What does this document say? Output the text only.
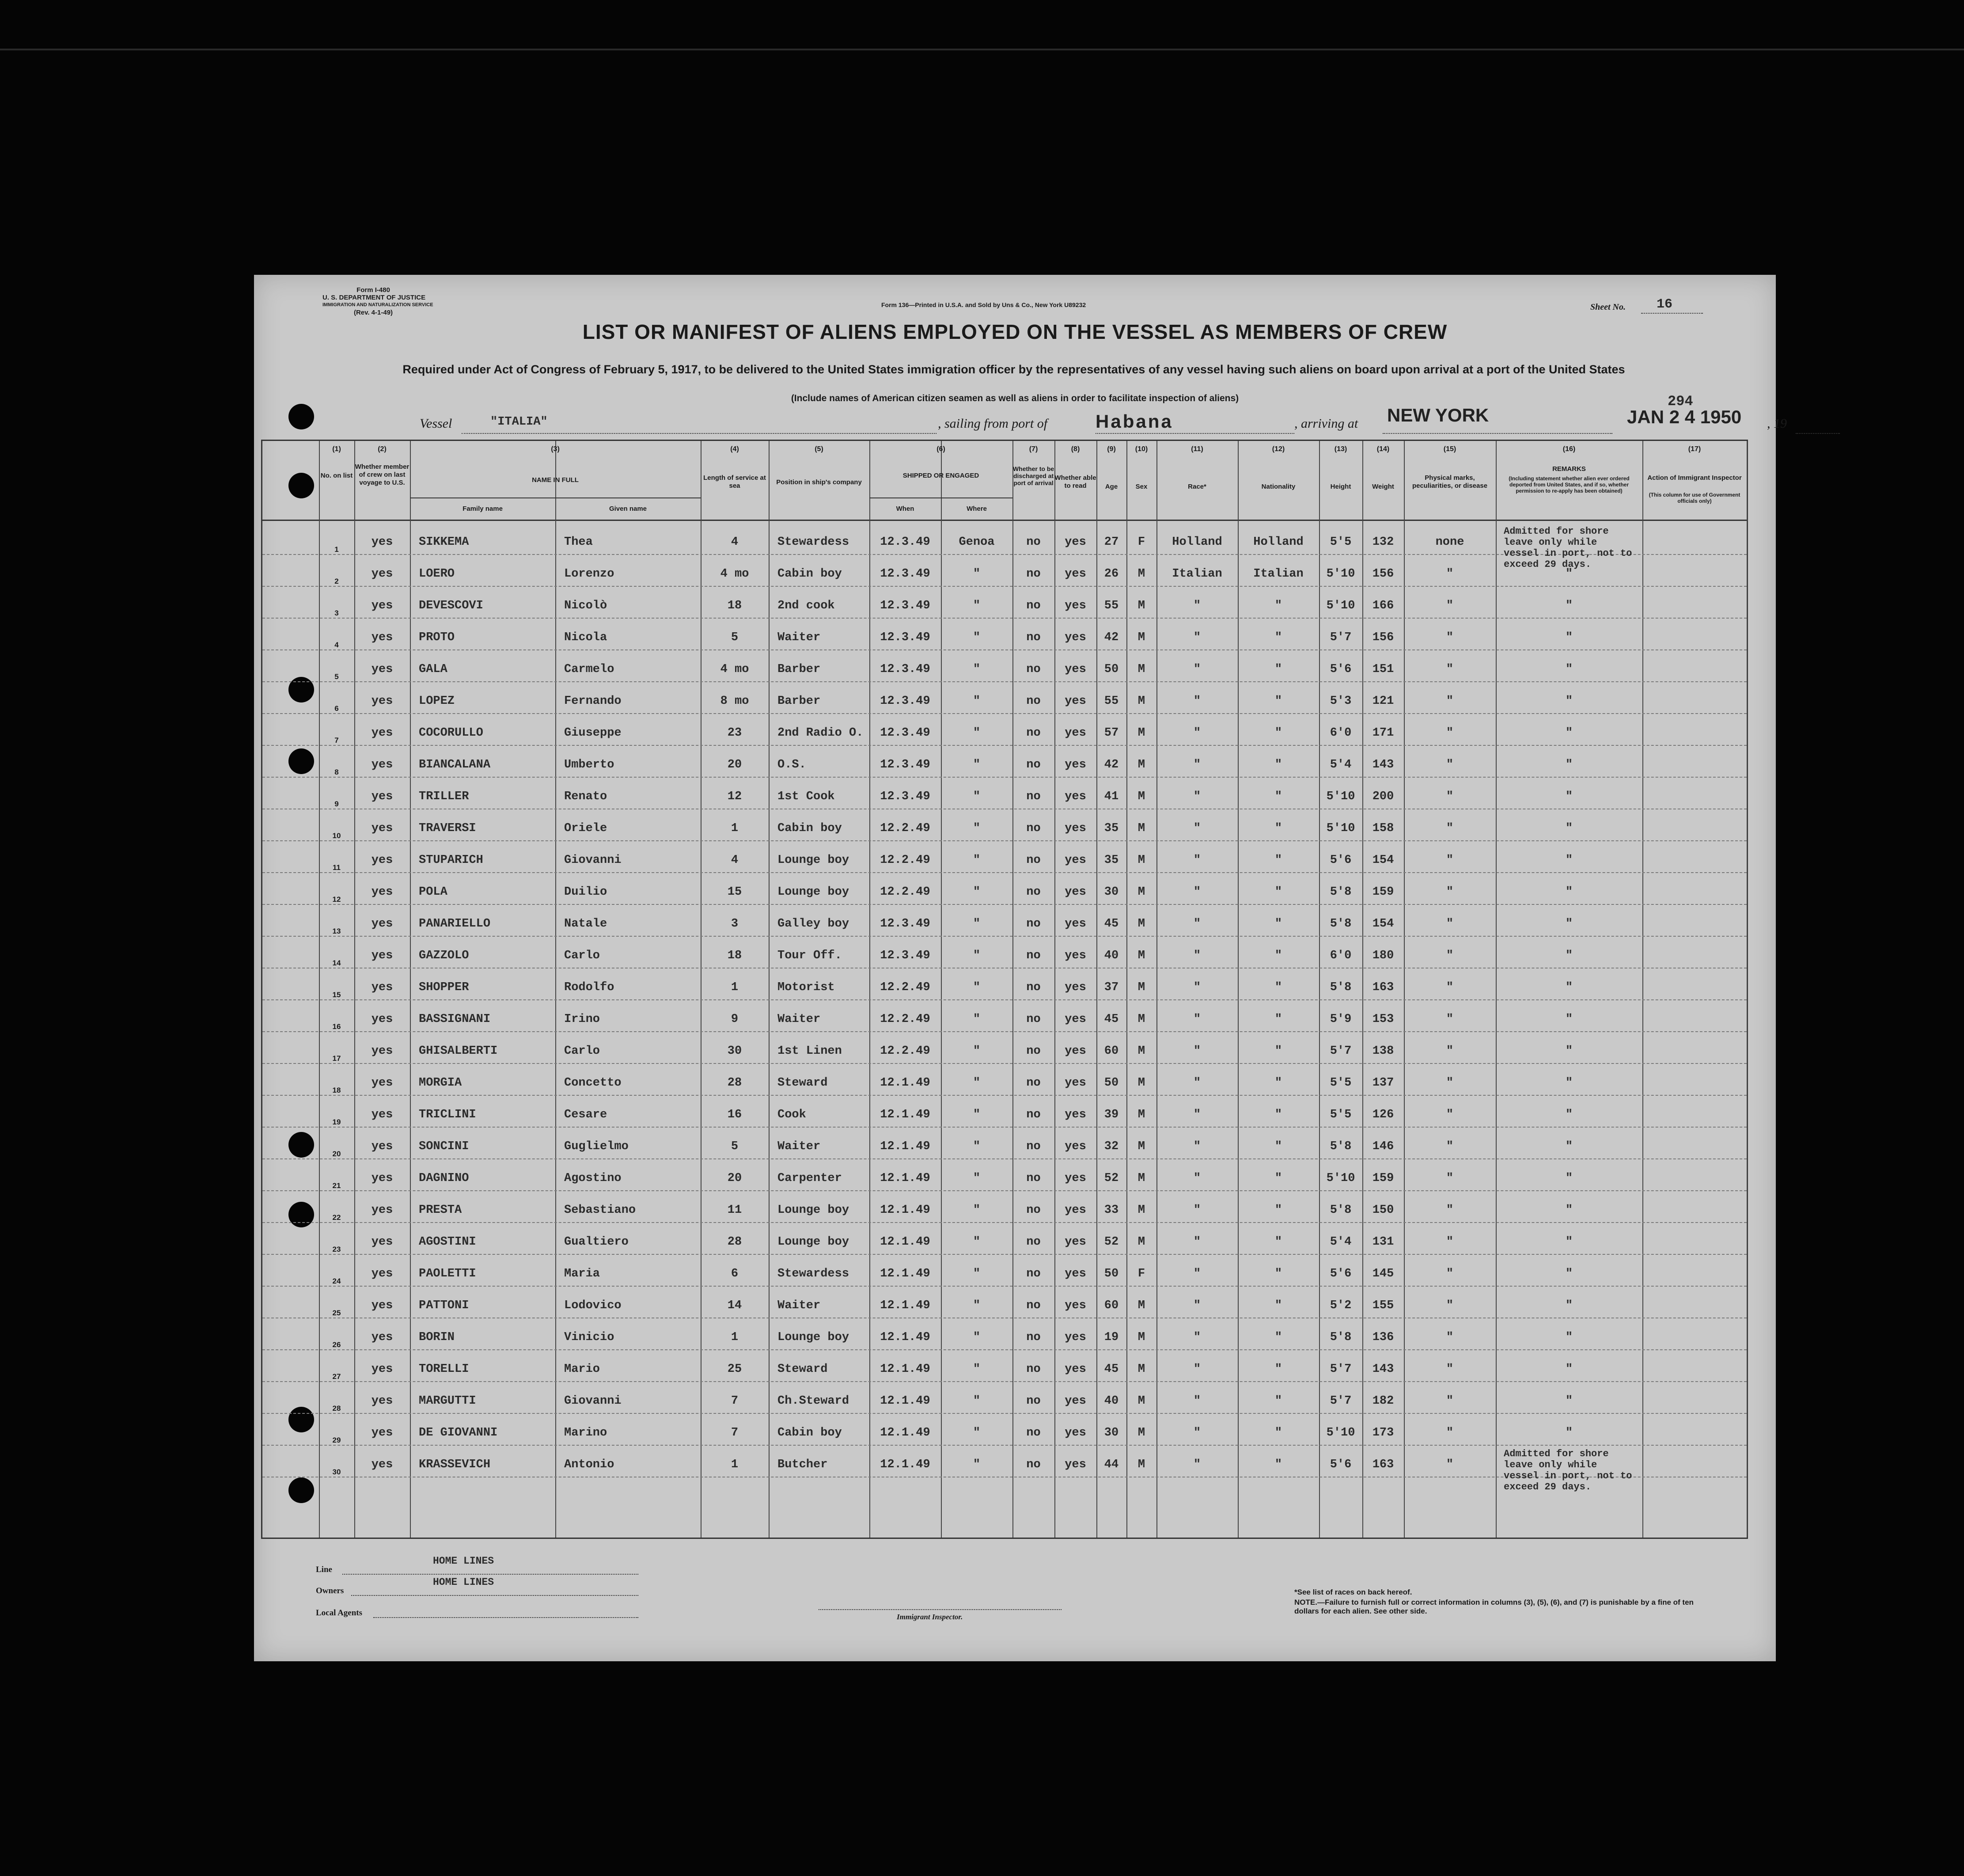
Form I-480
U. S. DEPARTMENT OF JUSTICE
IMMIGRATION AND NATURALIZATION SERVICE
(Rev. 4-1-49)
Form 136—Printed in U.S.A. and Sold by Uns & Co., New York U89232	Sheet No. 16
LIST OR MANIFEST OF ALIENS EMPLOYED ON THE VESSEL AS MEMBERS OF CREW
Required under Act of Congress of February 5, 1917, to be delivered to the United States immigration officer by the representatives of any vessel having such aliens on board upon arrival at a port of the United States
(Include names of American citizen seamen as well as aliens in order to facilitate inspection of aliens)
Vessel	"ITALIA"	, sailing from port of	Habana	, arriving at NEW YORK	JAN 2 4 1950 , 19
294
(1)
No. on list
(2)
Whether member of crew on last voyage to U.S.
(3)
NAME IN FULL
Family name	Given name
(4)
Length of service at sea
(5)
Position in ship's company
(6)
SHIPPED OR ENGAGED
When	Where
(7)
Whether to be discharged at port of arrival
(8)
Whether able to read
(9)
Age
(10)
Sex
(11)
Race*
(12)
Nationality
(13)
Height
(14)
Weight
(15)
Physical marks, peculiarities, or disease
(16)
REMARKS
(Including statement whether alien ever ordered deported from United States, and if so, whether permission to re-apply has been obtained)
(17)
Action of Immigrant Inspector
(This column for use of Government officials only)
1
yes	SIKKEMA	Thea	4	Stewardess	12.3.49	Genoa	no	yes	27	F	Holland	Holland	5'5	132	none
Admitted for shore leave only while vessel in port, not to exceed 29 days.
2
yes	LOERO	Lorenzo	4 mo	Cabin boy	12.3.49	"	no	yes	26	M	Italian	Italian	5'10	156	"	"
3
yes	DEVESCOVI	Nicolò	18	2nd cook	12.3.49	"	no	yes	55	M	"	"	5'10	166	"	"
4
yes	PROTO	Nicola	5	Waiter	12.3.49	"	no	yes	42	M	"	"	5'7	156	"	"
5
yes	GALA	Carmelo	4 mo	Barber	12.3.49	"	no	yes	50	M	"	"	5'6	151	"	"
6
yes	LOPEZ	Fernando	8 mo	Barber	12.3.49	"	no	yes	55	M	"	"	5'3	121	"	"
7
yes	COCORULLO	Giuseppe	23	2nd Radio O.	12.3.49	"	no	yes	57	M	"	"	6'0	171	"	"
8
yes	BIANCALANA	Umberto	20	O.S.	12.3.49	"	no	yes	42	M	"	"	5'4	143	"	"
9
yes	TRILLER	Renato	12	1st Cook	12.3.49	"	no	yes	41	M	"	"	5'10	200	"	"
10
yes	TRAVERSI	Oriele	1	Cabin boy	12.2.49	"	no	yes	35	M	"	"	5'10	158	"	"
11
yes	STUPARICH	Giovanni	4	Lounge boy	12.2.49	"	no	yes	35	M	"	"	5'6	154	"	"
12
yes	POLA	Duilio	15	Lounge boy	12.2.49	"	no	yes	30	M	"	"	5'8	159	"	"
13
yes	PANARIELLO	Natale	3	Galley boy	12.3.49	"	no	yes	45	M	"	"	5'8	154	"	"
14
yes	GAZZOLO	Carlo	18	Tour Off.	12.3.49	"	no	yes	40	M	"	"	6'0	180	"	"
15
yes	SHOPPER	Rodolfo	1	Motorist	12.2.49	"	no	yes	37	M	"	"	5'8	163	"	"
16
yes	BASSIGNANI	Irino	9	Waiter	12.2.49	"	no	yes	45	M	"	"	5'9	153	"	"
17
yes	GHISALBERTI	Carlo	30	1st Linen	12.2.49	"	no	yes	60	M	"	"	5'7	138	"	"
18
yes	MORGIA	Concetto	28	Steward	12.1.49	"	no	yes	50	M	"	"	5'5	137	"	"
19
yes	TRICLINI	Cesare	16	Cook	12.1.49	"	no	yes	39	M	"	"	5'5	126	"	"
20
yes	SONCINI	Guglielmo	5	Waiter	12.1.49	"	no	yes	32	M	"	"	5'8	146	"	"
21
yes	DAGNINO	Agostino	20	Carpenter	12.1.49	"	no	yes	52	M	"	"	5'10	159	"	"
22
yes	PRESTA	Sebastiano	11	Lounge boy	12.1.49	"	no	yes	33	M	"	"	5'8	150	"	"
23
yes	AGOSTINI	Gualtiero	28	Lounge boy	12.1.49	"	no	yes	52	M	"	"	5'4	131	"	"
24
yes	PAOLETTI	Maria	6	Stewardess	12.1.49	"	no	yes	50	F	"	"	5'6	145	"	"
25
yes	PATTONI	Lodovico	14	Waiter	12.1.49	"	no	yes	60	M	"	"	5'2	155	"	"
26
yes	BORIN	Vinicio	1	Lounge boy	12.1.49	"	no	yes	19	M	"	"	5'8	136	"	"
27
yes	TORELLI	Mario	25	Steward	12.1.49	"	no	yes	45	M	"	"	5'7	143	"	"
28
yes	MARGUTTI	Giovanni	7	Ch.Steward	12.1.49	"	no	yes	40	M	"	"	5'7	182	"	"
29
yes	DE GIOVANNI	Marino	7	Cabin boy	12.1.49	"	no	yes	30	M	"	"	5'10	173	"	"
30
yes	KRASSEVICH	Antonio	1	Butcher	12.1.49	"	no	yes	44	M	"	"	5'6	163	"
Admitted for shore leave only while vessel in port, not to exceed 29 days.
Line
HOME LINES
Owners
HOME LINES
Local Agents	Immigrant Inspector.
*See list of races on back hereof.
NOTE.—Failure to furnish full or correct information in columns (3), (5), (6), and (7) is punishable by a fine of ten dollars for each alien. See other side.
